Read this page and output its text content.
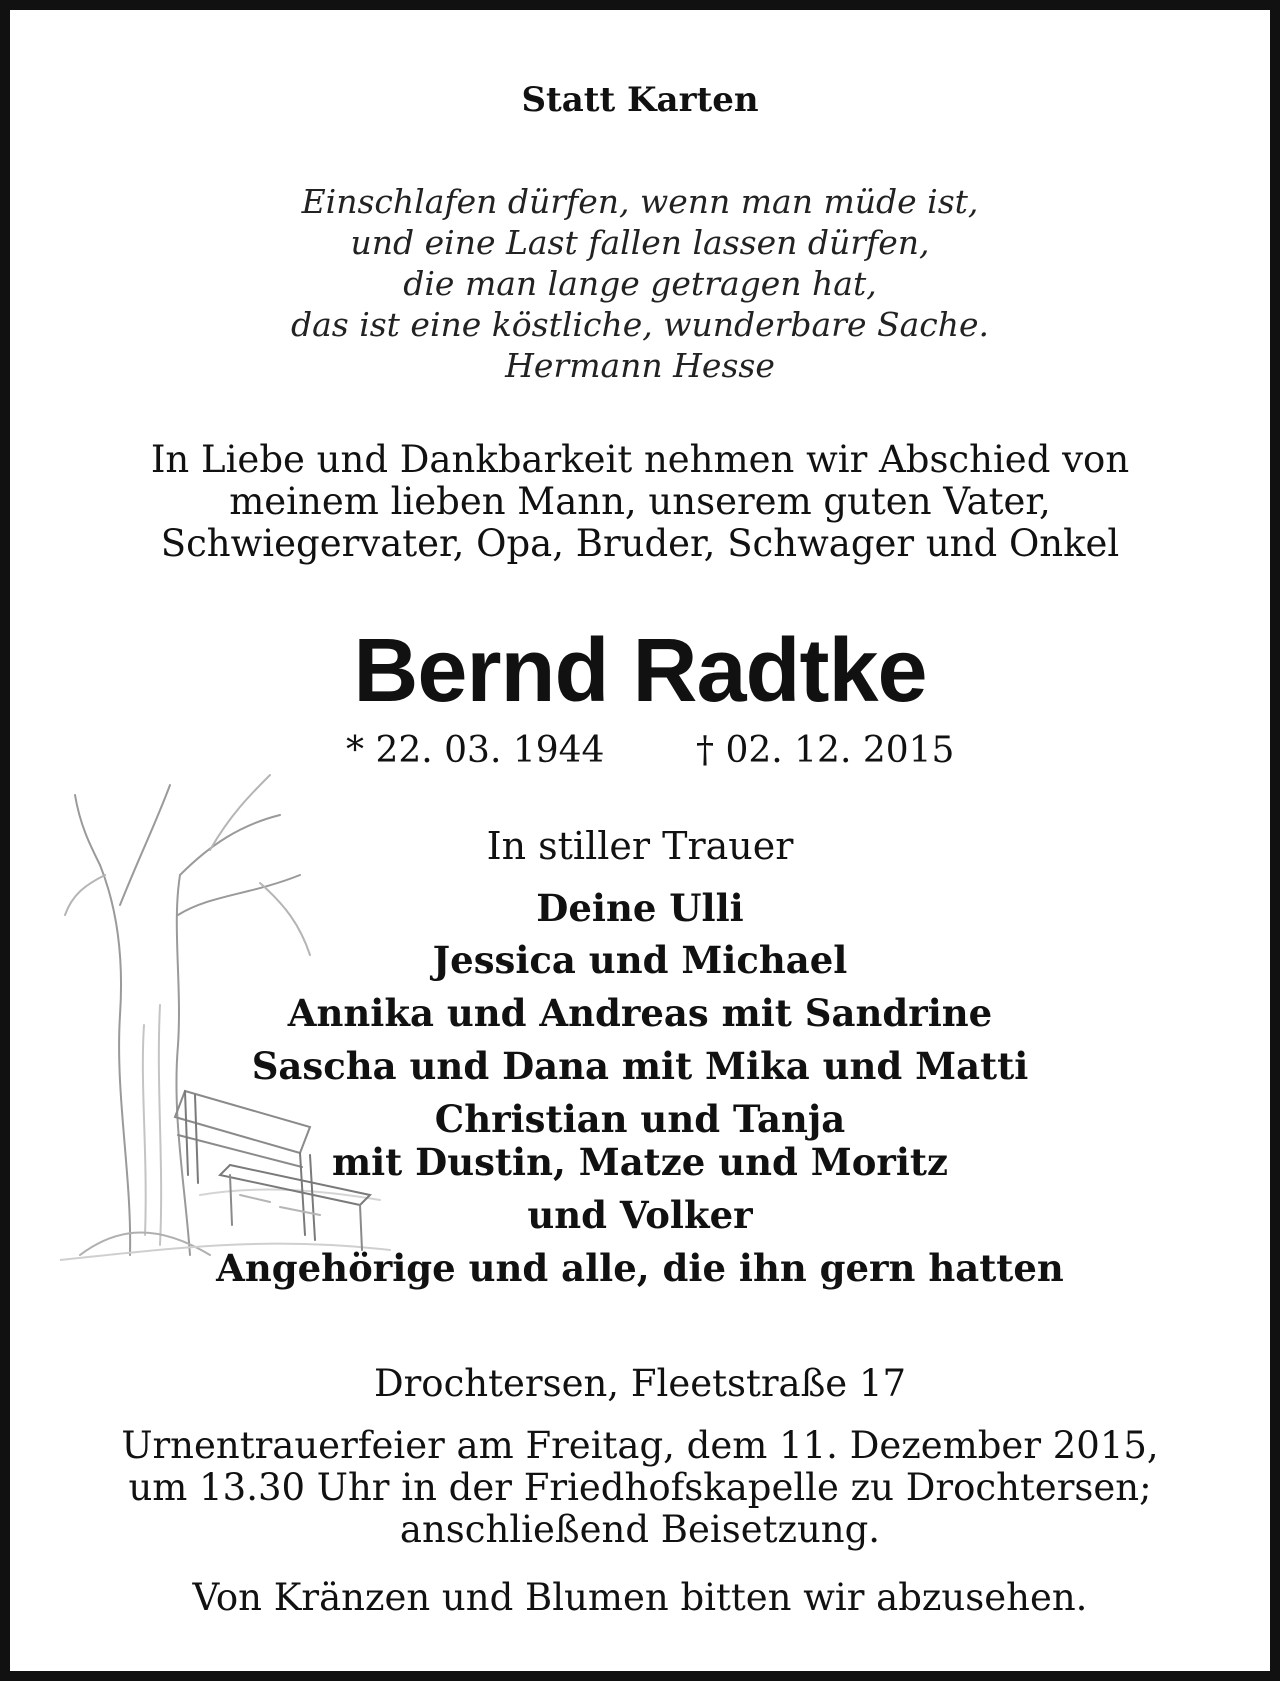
Statt Karten
Einschlafen dürfen, wenn man müde ist,
und eine Last fallen lassen dürfen,
die man lange getragen hat,
das ist eine köstliche, wunderbare Sache.
Hermann Hesse
In Liebe und Dankbarkeit nehmen wir Abschied von
meinem lieben Mann, unserem guten Vater,
Schwiegervater, Opa, Bruder, Schwager und Onkel
Bernd Radtke
* 22. 03. 1944	† 02. 12. 2015
In stiller Trauer
Deine Ulli
Jessica und Michael
Annika und Andreas mit Sandrine
Sascha und Dana mit Mika und Matti
Christian und Tanja
mit Dustin, Matze und Moritz
und Volker
Angehörige und alle, die ihn gern hatten
Drochtersen, Fleetstraße 17
Urnentrauerfeier am Freitag, dem 11. Dezember 2015,
um 13.30 Uhr in der Friedhofskapelle zu Drochtersen;
anschließend Beisetzung.
Von Kränzen und Blumen bitten wir abzusehen.
